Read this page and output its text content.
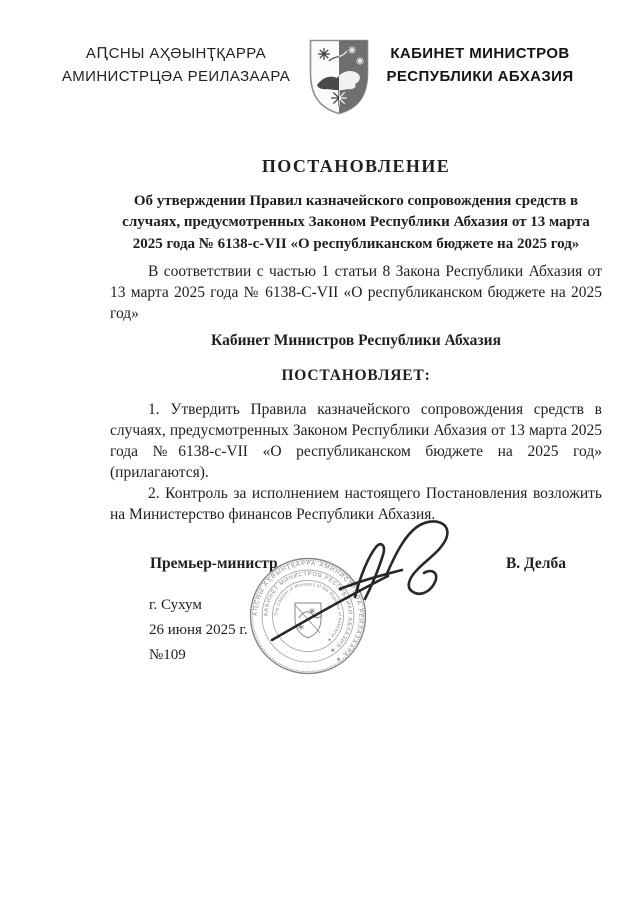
АԤСНЫ АҲӘЫНҬҚАРРА
АМИНИСТРЦӘА РЕИЛАЗААРА
КАБИНЕТ МИНИСТРОВ
РЕСПУБЛИКИ АБХАЗИЯ
ПОСТАНОВЛЕНИЕ
Об утверждении Правил казначейского сопровождения средств в случаях, предусмотренных Законом Республики Абхазия от 13 марта 2025 года № 6138-с-VII «О республиканском бюджете на 2025 год»
В соответствии с частью 1 статьи 8 Закона Республики Абхазия от 13 марта 2025 года № 6138-С-VII «О республиканском бюджете на 2025 год»
Кабинет Министров Республики Абхазия
ПОСТАНОВЛЯЕТ:

1. Утвердить Правила казначейского сопровождения средств в случаях, предусмотренных Законом Республики Абхазия от 13 марта 2025 года №6138-с-VII «О республиканском бюджете на 2025 год» (прилагаются).

2. Контроль за исполнением настоящего Постановления возложить на Министерство финансов Республики Абхазия.

Премьер-министр	В. Делба
г. Сухум
26 июня 2025 г.
№109
АԤСНЫ АҲӘЫНҬҚАРРА АМИНИСТРЦӘА РЕИЛАЗААРА ★
КАБИНЕТ МИНИСТРОВ РЕСПУБЛИКИ АБХАЗИЯ ★
The Cabinet of Ministers of the Republic of Abkhazia ★
